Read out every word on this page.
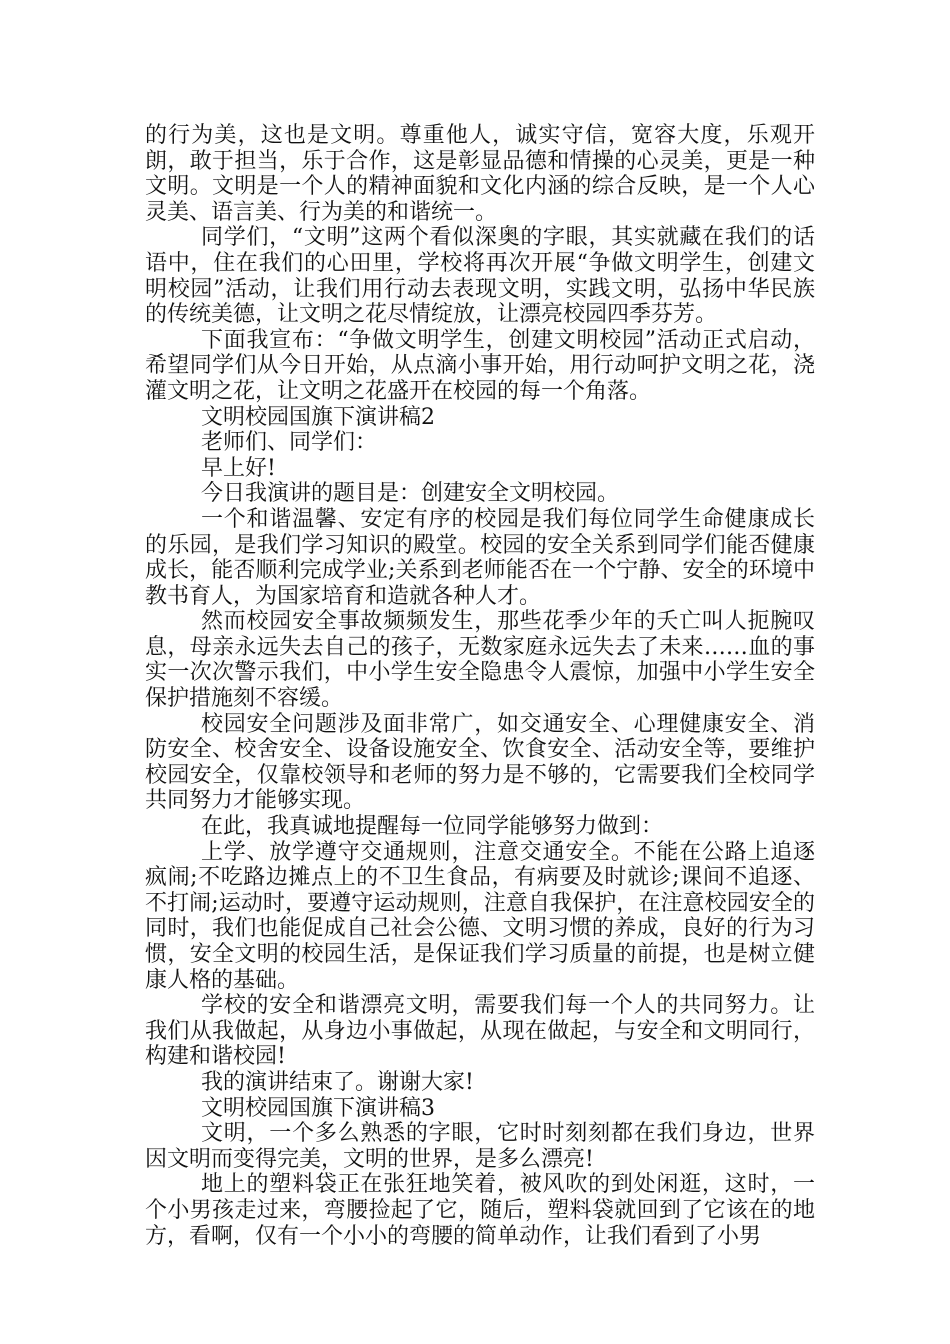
的行为美，这也是文明。尊重他人，诚实守信，宽容大度，乐观开朗，敢于担当，乐于合作，这是彰显品德和情操的心灵美，更是一种文明。文明是一个人的精神面貌和文化内涵的综合反映，是一个人心灵美、语言美、行为美的和谐统一。

同学们，“文明”这两个看似深奥的字眼，其实就藏在我们的话语中，住在我们的心田里，学校将再次开展“争做文明学生，创建文明校园”活动，让我们用行动去表现文明，实践文明，弘扬中华民族的传统美德，让文明之花尽情绽放，让漂亮校园四季芬芳。

下面我宣布：“争做文明学生，创建文明校园”活动正式启动，希望同学们从今日开始，从点滴小事开始，用行动呵护文明之花，浇灌文明之花，让文明之花盛开在校园的每一个角落。

文明校园国旗下演讲稿2

老师们、同学们：

早上好!

今日我演讲的题目是：创建安全文明校园。

一个和谐温馨、安定有序的校园是我们每位同学生命健康成长的乐园，是我们学习知识的殿堂。校园的安全关系到同学们能否健康成长，能否顺利完成学业;关系到老师能否在一个宁静、安全的环境中教书育人，为国家培育和造就各种人才。

然而校园安全事故频频发生，那些花季少年的夭亡叫人扼腕叹息，母亲永远失去自己的孩子，无数家庭永远失去了未来……血的事实一次次警示我们，中小学生安全隐患令人震惊，加强中小学生安全保护措施刻不容缓。

校园安全问题涉及面非常广，如交通安全、心理健康安全、消防安全、校舍安全、设备设施安全、饮食安全、活动安全等，要维护校园安全，仅靠校领导和老师的努力是不够的，它需要我们全校同学共同努力才能够实现。

在此，我真诚地提醒每一位同学能够努力做到：

上学、放学遵守交通规则，注意交通安全。不能在公路上追逐疯闹;不吃路边摊点上的不卫生食品，有病要及时就诊;课间不追逐、不打闹;运动时，要遵守运动规则，注意自我保护，在注意校园安全的同时，我们也能促成自己社会公德、文明习惯的养成，良好的行为习惯，安全文明的校园生活，是保证我们学习质量的前提，也是树立健康人格的基础。

学校的安全和谐漂亮文明，需要我们每一个人的共同努力。让我们从我做起，从身边小事做起，从现在做起，与安全和文明同行，构建和谐校园!

我的演讲结束了。谢谢大家!

文明校园国旗下演讲稿3

文明，一个多么熟悉的字眼，它时时刻刻都在我们身边，世界因文明而变得完美，文明的世界，是多么漂亮!

地上的塑料袋正在张狂地笑着，被风吹的到处闲逛，这时，一个小男孩走过来，弯腰捡起了它，随后，塑料袋就回到了它该在的地方，看啊，仅有一个小小的弯腰的简单动作，让我们看到了小男
